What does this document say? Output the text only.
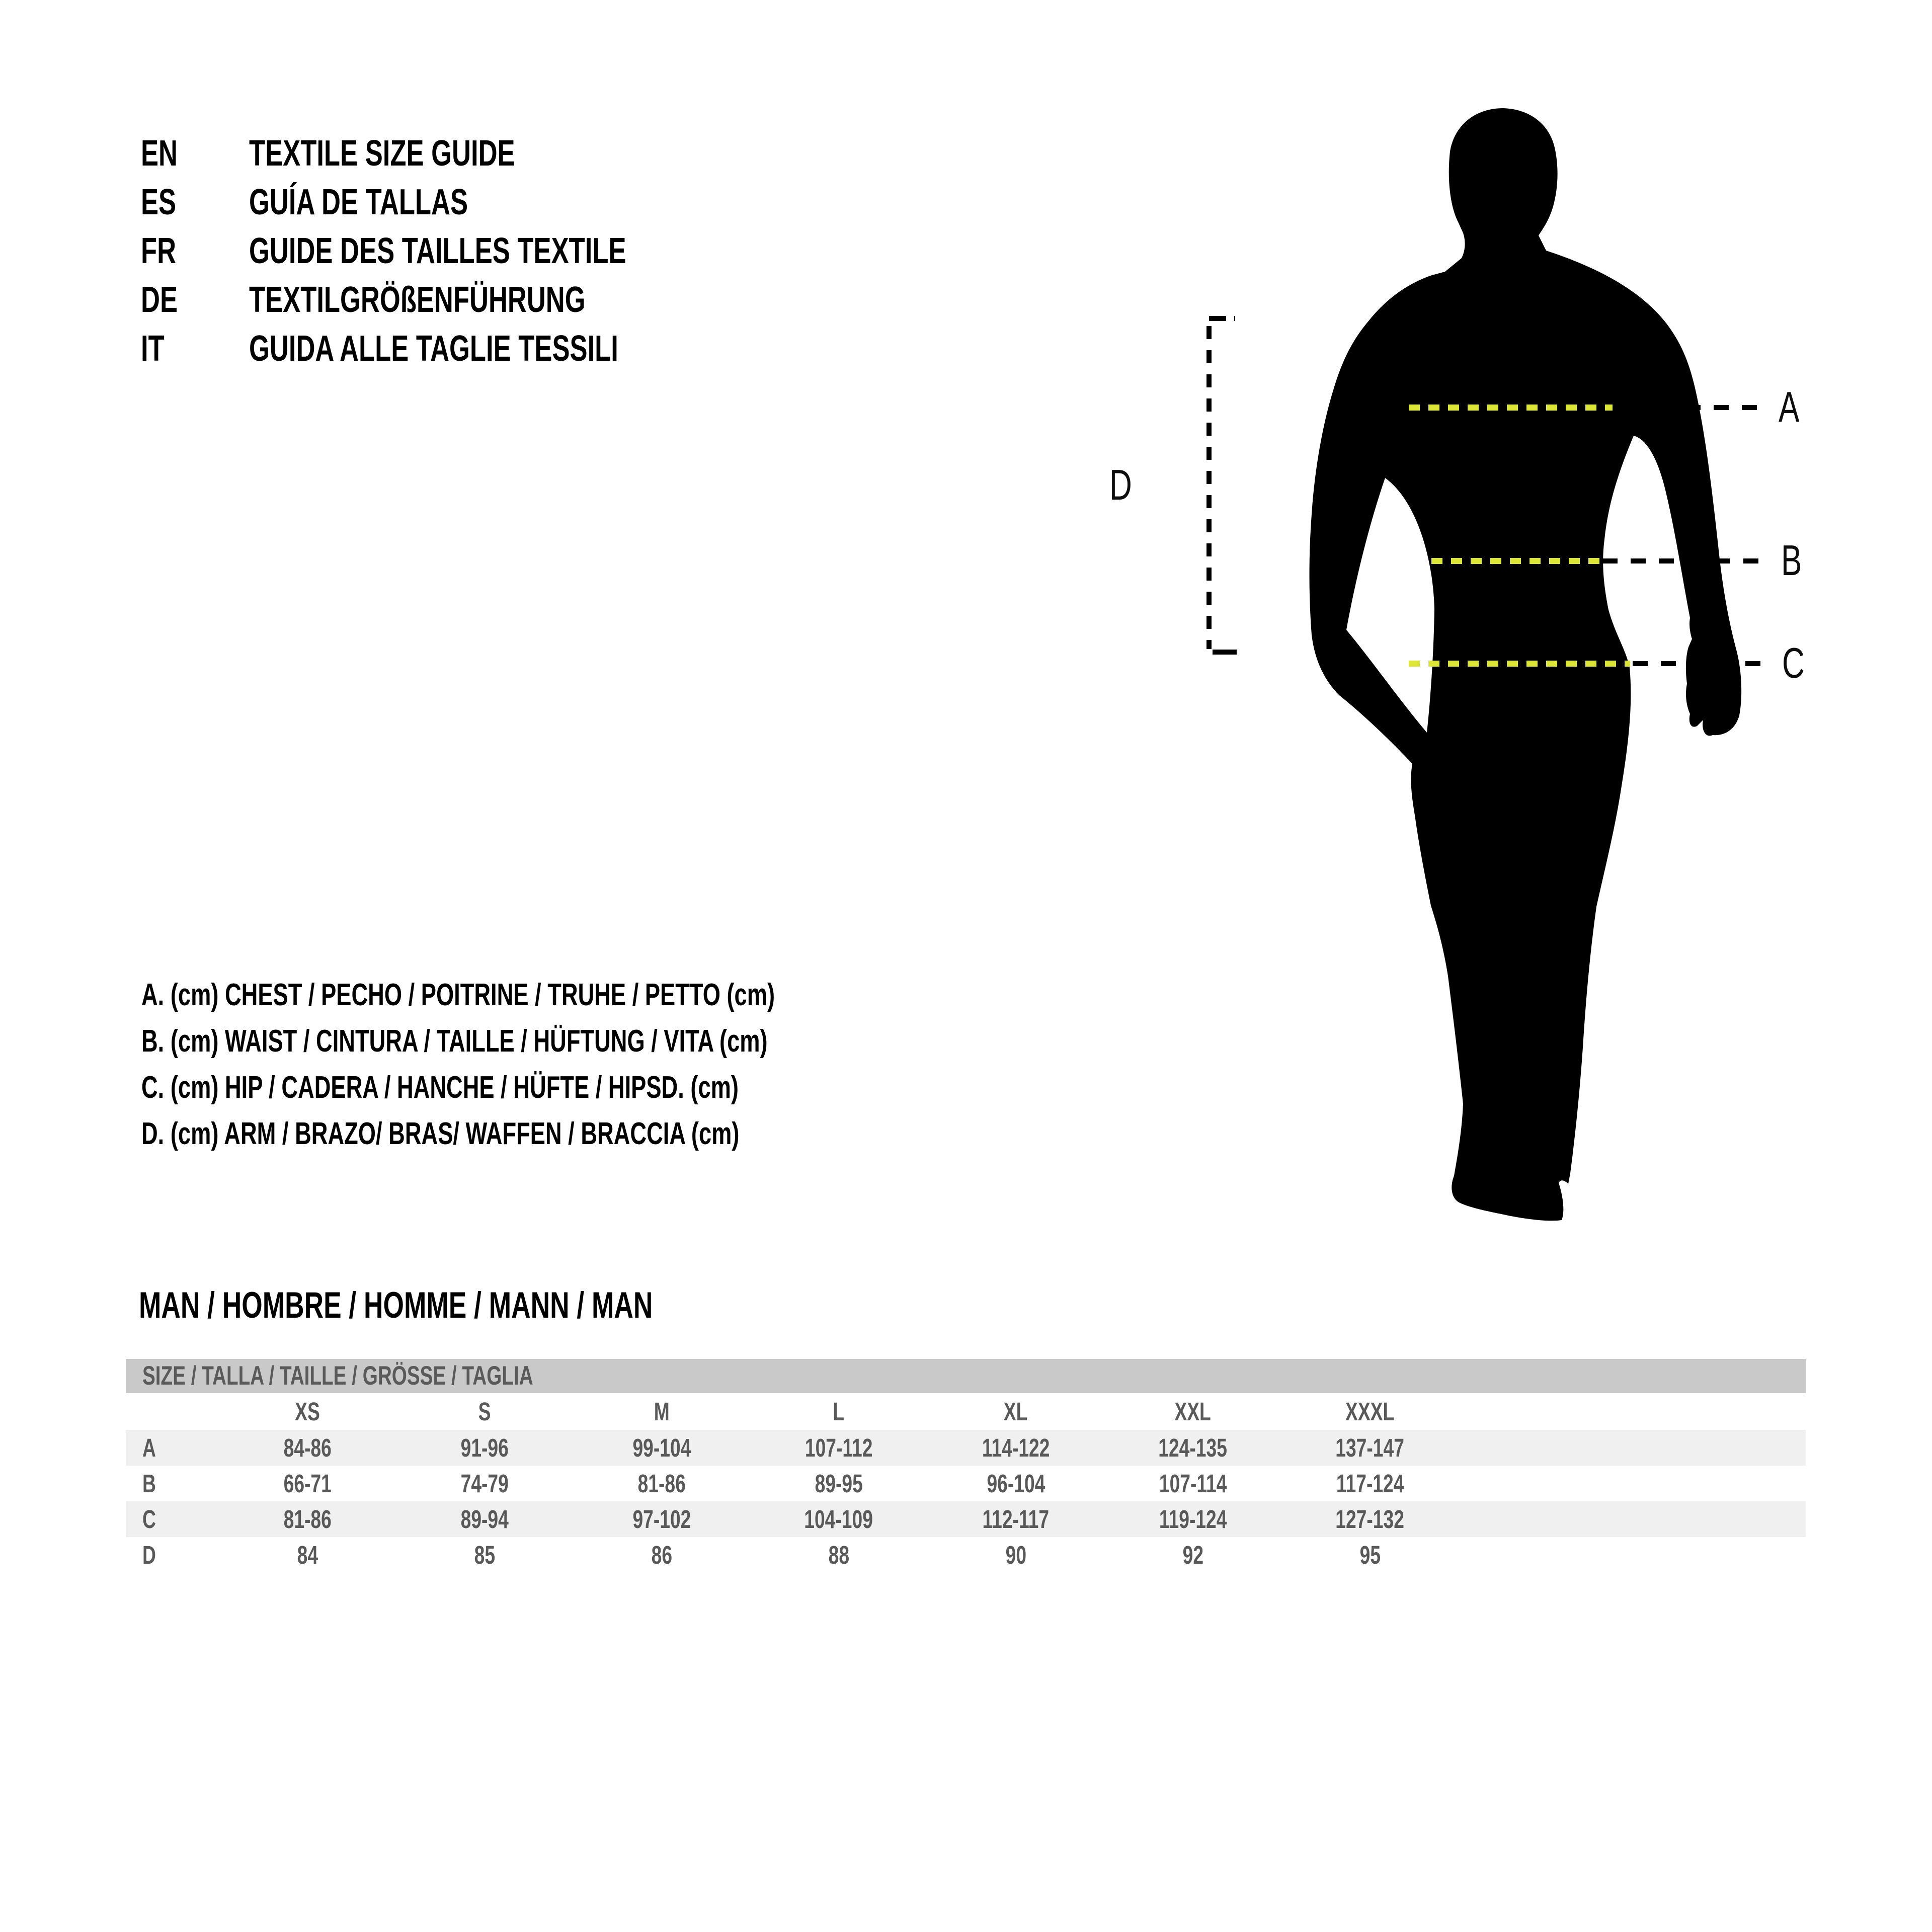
EN	TEXTILE SIZE GUIDE
ES	GUÍA DE TALLAS
FR	GUIDE DES TAILLES TEXTILE
DE	TEXTILGRÖßENFÜHRUNG
IT GUIDA ALLE TAGLIE TESSILI
A
B
C
D
A. (cm) CHEST / PECHO / POITRINE / TRUHE / PETTO (cm)
B. (cm) WAIST / CINTURA / TAILLE / HÜFTUNG / VITA (cm)
C. (cm) HIP / CADERA / HANCHE / HÜFTE / HIPSD. (cm)
D. (cm) ARM / BRAZO/ BRAS/ WAFFEN / BRACCIA (cm)
MAN / HOMBRE / HOMME / MANN / MAN
SIZE / TALLA / TAILLE / GRÖSSE / TAGLIA
XS	S	M	L	XL	XXL	XXXL
A	84-86	91-96	99-104	107-112	114-122	124-135	137-147
B	66-71	74-79	81-86	89-95	96-104	107-114	117-124
C	81-86	89-94	97-102	104-109	112-117	119-124	127-132
D	84	85	86	88	90	92	95
